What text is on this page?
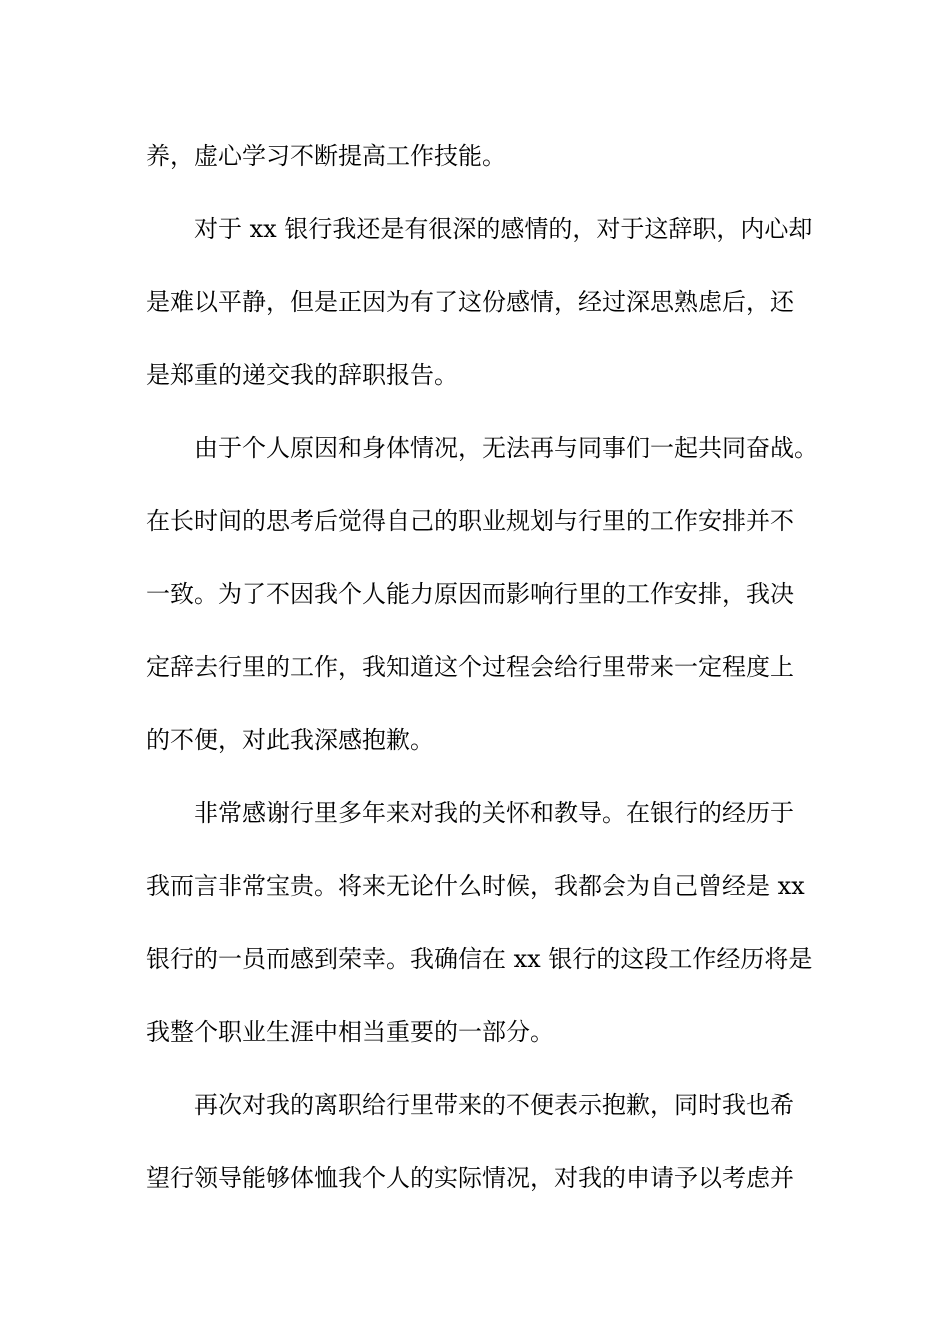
养，虚心学习不断提高工作技能。
对于 xx 银行我还是有很深的感情的，对于这辞职，内心却
是难以平静，但是正因为有了这份感情，经过深思熟虑后，还
是郑重的递交我的辞职报告。
由于个人原因和身体情况，无法再与同事们一起共同奋战。
在长时间的思考后觉得自己的职业规划与行里的工作安排并不
一致。为了不因我个人能力原因而影响行里的工作安排，我决
定辞去行里的工作，我知道这个过程会给行里带来一定程度上
的不便，对此我深感抱歉。
非常感谢行里多年来对我的关怀和教导。在银行的经历于
我而言非常宝贵。将来无论什么时候，我都会为自己曾经是 xx
银行的一员而感到荣幸。我确信在 xx 银行的这段工作经历将是
我整个职业生涯中相当重要的一部分。
再次对我的离职给行里带来的不便表示抱歉，同时我也希
望行领导能够体恤我个人的实际情况，对我的申请予以考虑并
